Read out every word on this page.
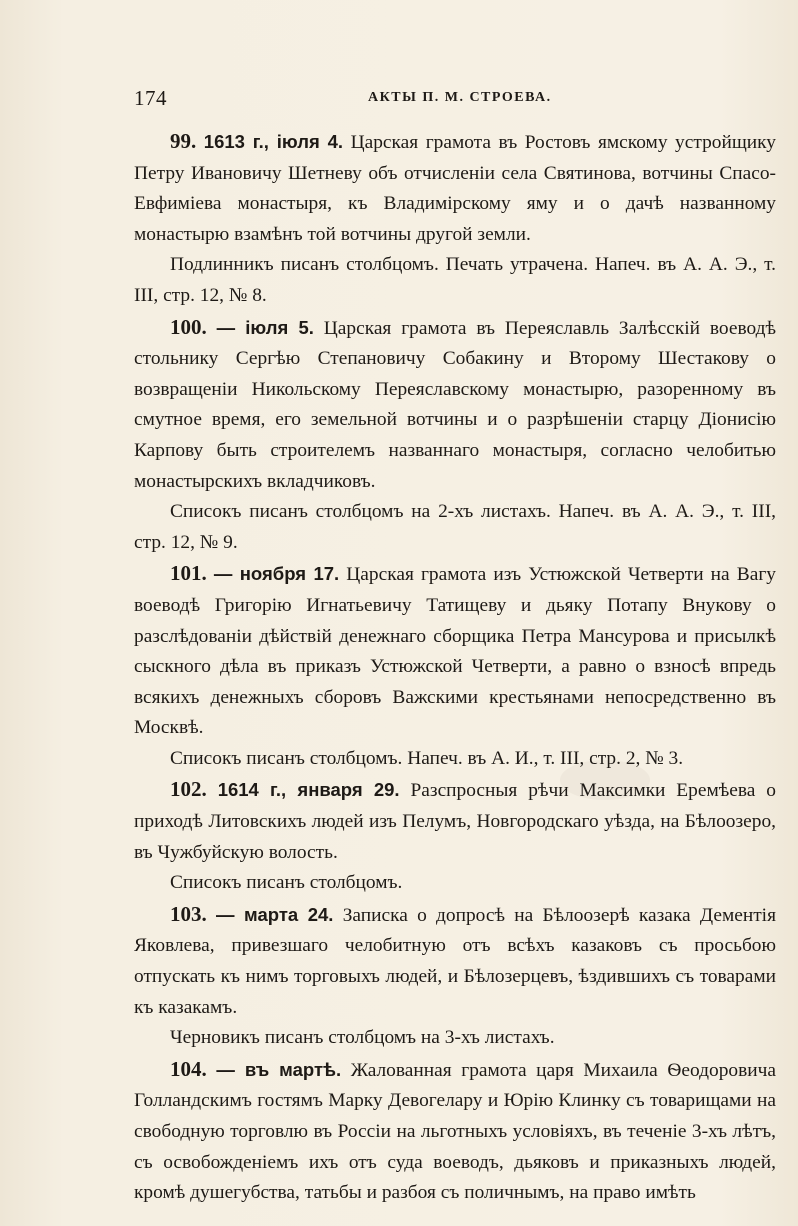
174	АКТЫ П. М. СТРОЕВА.

99. 1613 г., іюля 4. Царская грамота въ Ростовъ ямскому устройщику Петру Ивановичу Шетневу объ отчисленіи села Святинова, вотчины Спасо-Евфиміева монастыря, къ Владимірскому яму и о дачѣ названному монастырю взамѣнъ той вотчины другой земли.

Подлинникъ писанъ столбцомъ. Печать утрачена. Напеч. въ А. А. Э., т. III, стр. 12, № 8.

100. — іюля 5. Царская грамота въ Переяславль Залѣсскій воеводѣ стольнику Сергѣю Степановичу Собакину и Второму Шестакову о возвращеніи Никольскому Переяславскому монастырю, разоренному въ смутное время, его земельной вотчины и о разрѣшеніи старцу Діонисію Карпову быть строителемъ названнаго монастыря, согласно челобитью монастырскихъ вкладчиковъ.

Списокъ писанъ столбцомъ на 2-хъ листахъ. Напеч. въ А. А. Э., т. III, стр. 12, № 9.

101. — ноября 17. Царская грамота изъ Устюжской Четверти на Вагу воеводѣ Григорію Игнатьевичу Татищеву и дьяку Потапу Внукову о разслѣдованіи дѣйствій денежнаго сборщика Петра Мансурова и присылкѣ сыскного дѣла въ приказъ Устюжской Четверти, а равно о взносѣ впредь всякихъ денежныхъ сборовъ Важскими крестьянами непосредственно въ Москвѣ.

Списокъ писанъ столбцомъ. Напеч. въ А. И., т. III, стр. 2, № 3.

102. 1614 г., января 29. Разспросныя рѣчи Максимки Еремѣева о приходѣ Литовскихъ людей изъ Пелумъ, Новгородскаго уѣзда, на Бѣлоозеро, въ Чужбуйскую волость.

Списокъ писанъ столбцомъ.

103. — марта 24. Записка о допросѣ на Бѣлоозерѣ казака Дементія Яковлева, привезшаго челобитную отъ всѣхъ казаковъ съ просьбою отпускать къ нимъ торговыхъ людей, и Бѣлозерцевъ, ѣздившихъ съ товарами къ казакамъ.

Черновикъ писанъ столбцомъ на 3-хъ листахъ.

104. — въ мартѣ. Жалованная грамота царя Михаила Ѳеодоровича Голландскимъ гостямъ Марку Девогелару и Юрію Клинку съ товарищами на свободную торговлю въ Россіи на льготныхъ условіяхъ, въ теченіе 3-хъ лѣтъ, съ освобожденіемъ ихъ отъ суда воеводъ, дьяковъ и приказныхъ людей, кромѣ душегубства, татьбы и разбоя съ поличнымъ, на право имѣть
